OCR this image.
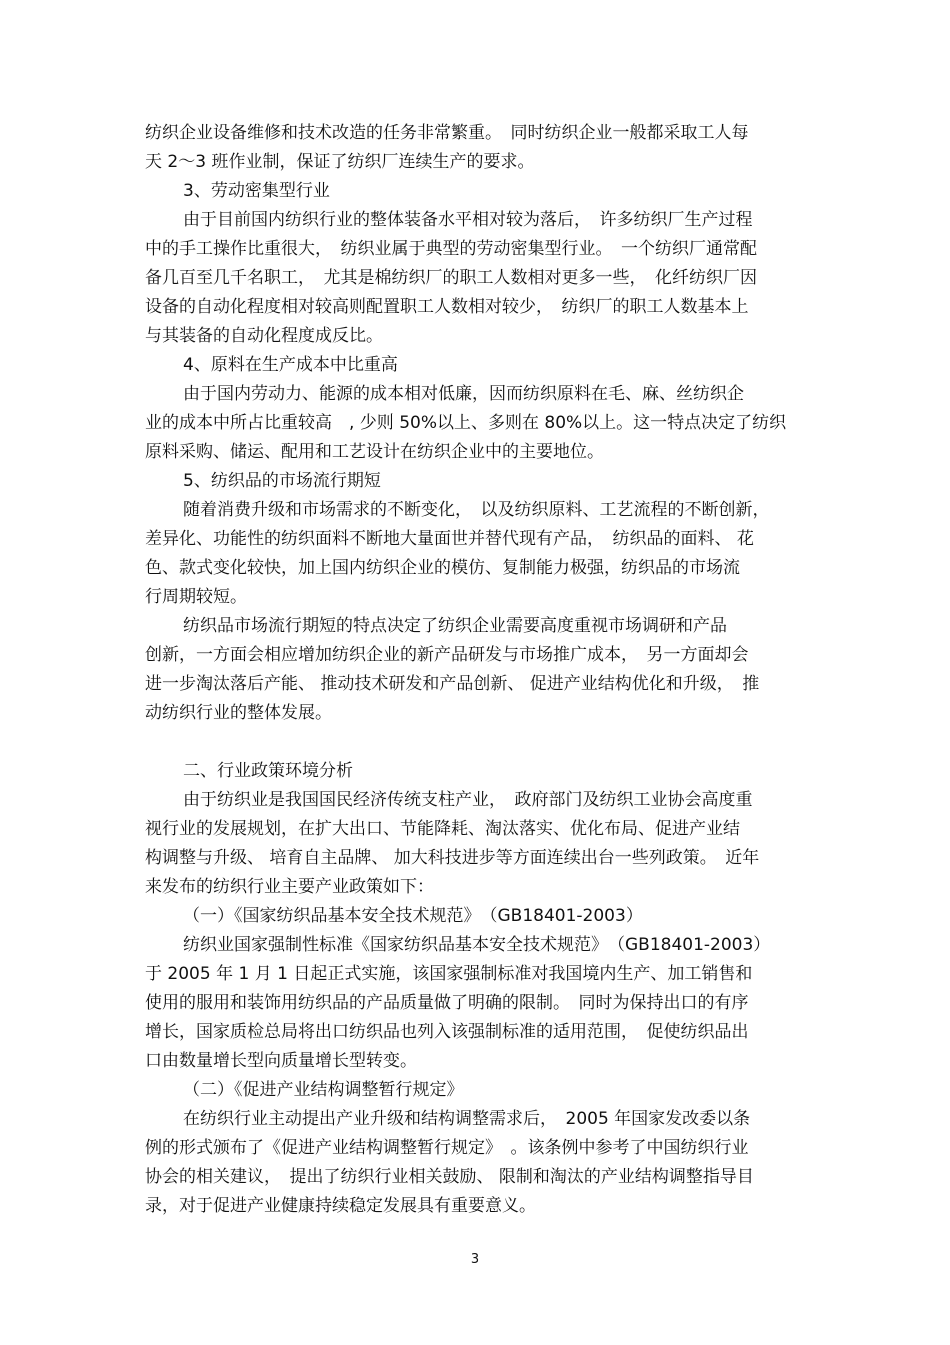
纺织企业设备维修和技术改造的任务非常繁重。　同时纺织企业一般都采取工人每
天 2～3 班作业制，保证了纺织厂连续生产的要求。
3、劳动密集型行业
由于目前国内纺织行业的整体装备水平相对较为落后，　许多纺织厂生产过程
中的手工操作比重很大，　纺织业属于典型的劳动密集型行业。　一个纺织厂通常配
备几百至几千名职工，　尤其是棉纺织厂的职工人数相对更多一些，　化纤纺织厂因
设备的自动化程度相对较高则配置职工人数相对较少，　纺织厂的职工人数基本上
与其装备的自动化程度成反比。
4、原料在生产成本中比重高
由于国内劳动力、能源的成本相对低廉，因而纺织原料在毛、麻、丝纺织企
业的成本中所占比重较高　, 少则 50%以上、多则在 80%以上。这一特点决定了纺织
原料采购、储运、配用和工艺设计在纺织企业中的主要地位。
5、纺织品的市场流行期短
随着消费升级和市场需求的不断变化，　以及纺织原料、工艺流程的不断创新，
差异化、功能性的纺织面料不断地大量面世并替代现有产品，　纺织品的面料、 花
色、款式变化较快，加上国内纺织企业的模仿、复制能力极强，纺织品的市场流
行周期较短。
纺织品市场流行期短的特点决定了纺织企业需要高度重视市场调研和产品
创新，一方面会相应增加纺织企业的新产品研发与市场推广成本，　另一方面却会
进一步淘汰落后产能、 推动技术研发和产品创新、 促进产业结构优化和升级，　推
动纺织行业的整体发展。
二、行业政策环境分析
由于纺织业是我国国民经济传统支柱产业，　政府部门及纺织工业协会高度重
视行业的发展规划，在扩大出口、节能降耗、淘汰落实、优化布局、促进产业结
构调整与升级、 培育自主品牌、 加大科技进步等方面连续出台一些列政策。　近年
来发布的纺织行业主要产业政策如下：
（一）《国家纺织品基本安全技术规范》　（GB18401-2003）
纺织业国家强制性标准《国家纺织品基本安全技术规范》　（GB18401-2003）
于 2005 年 1 月 1 日起正式实施，该国家强制标准对我国境内生产、加工销售和
使用的服用和装饰用纺织品的产品质量做了明确的限制。　同时为保持出口的有序
增长，国家质检总局将出口纺织品也列入该强制标准的适用范围，　促使纺织品出
口由数量增长型向质量增长型转变。
（二）《促进产业结构调整暂行规定》
在纺织行业主动提出产业升级和结构调整需求后，　2005 年国家发改委以条
例的形式颁布了《促进产业结构调整暂行规定》　。该条例中参考了中国纺织行业
协会的相关建议，　提出了纺织行业相关鼓励、 限制和淘汰的产业结构调整指导目
录，对于促进产业健康持续稳定发展具有重要意义。
3
